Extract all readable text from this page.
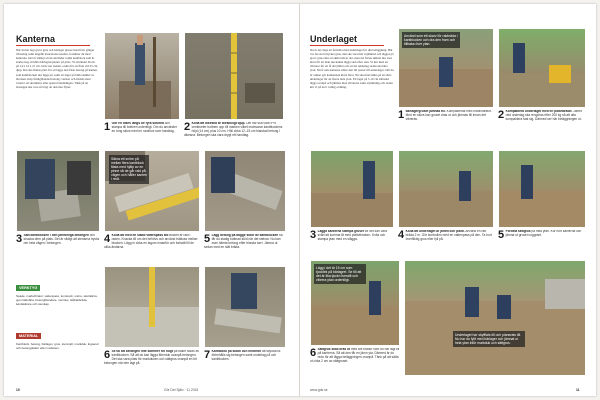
Kanterna
När du har lagt grovt grus och bärlager gruset med först gånger vibrering samt ungefär kvarstrena resultat, fortsätter du med kanterna. Det är viktigt att du använder rejäla kantblock som är starka nog att hålla bärlagret/plattor på plats. Vi använder block på 14 x 14 x 21 cm. Gräv ner stenen, ordna för att fixet vid 25 cm djup. Det ska finnas plats för att lägga ned fäste betong på kanten, som kantblocken ska ligga på, samt ett lager på bilda skiktet av blocken. Köp färdigblandad betong i säckar och blanda med vatten i en skottkärra eller spetsa blandningen. Tänk på att betongen ska vara så trögt att den inte flyter.
1 Gör en dikes längs de fyra sidorna och stampa till bottnen ordentligt. Om du använder en tung skiva med en rundbox som handtag. 2 Kolla att dikesna är tillräckligt djup. Det här ska vara 9+5 centimeter bottnen upp till marken vilket motsvarar kantblockens höjd (14 cm) plus 10 cm. Höll cirka 12–15 cm blandad betong i dikesna. Betongen ska vara drygt ett handtag.
Säkra ett snöre på mellan flera kantblock fästa med hjälp av en pinne så de går rakt på vägen och håller kanten i nivå.
3 Sätt kantblocken i den jämförliga betongen och knacka dem på plats. Det är viktigt att stenarna trycks ner hela vägen i betongen.	4 Kolla att med en sladd vattenpass att blocket är rakt i raden. Knacka till om det behövs och använd träkloss mellan blocken. Lägg in cirka en lagom innanför och fortsätt till de olika ändarna.
5 Lägg betong på bägge sidor av kantblocken så får du stadig bottnad stöd när det stelnar. Nu kan man hämta betong efter blanda torrt. Jämna ut sedan med en slät bräda.
VERKTYG
Spade, markvibrator, vattenpass, tumstock, snöre, skottkärra, gummiklubba, betongblandare, murslev, stålrakbräda, kantskärare och stenkap.
MATERIAL
Kantblock, betong, bärlager, grus, stenmjöl, markduk, fogsand och betongplattor eller marksten.
6 Se till att betongen inte kommer för högt på bakre sidan av kantblocken. Så att du kan lägga fiberduk ovanpå betongen. Det ska vara plats för markduken och sättgrus ovanpå en bit betongen när den lagt på.
7 Kantblock på sidan och innanför att skydda till förbehålls sig betongen samt underlag på och kantblocken.
10	Gör Det Själv · 11 2015
Underlaget
Nu är det dags att fortsätta med underlaget för din beläggning. Här var det stort mycket grus, den ska vara helt avjämnad och läggas på grovt grus eller ett skikt utöver det, men det första skiktet ska vara klart för att man ska kunna lägga sten efter sten. Vi kör med en vibrator för att få det jämnt och att det underlag sedan ska bära ytan. Nivå som kanterna sätter den till passar till underlaget. Om du är osäker gör kantstenen klara först. Nu ska man tänka på att sätta underlaget för att fixera hela ytan. Ett lager på 5-10 cm sättsand läggs ovanpå och jämnas med vibratorn samt avjämning och sedan kör vi på det i vanlig ordning.
Använd som ett skarv för rakbräda i kantblocken och dra den fram och tillbaka över ytan.
1 Bärlagergruset jämnas till. Kompakteras med markvibrator. Med en skiva kan gruset dras ut och jämnas till innan det vibreras.	2 Kompaktera underlaget med en platvibrator. Jämnt rakt underlag ska rengöras efter 200 kg så att alla kompaktera fast sig. Därmed ser här beläggningen ut.
3 Lägga kanterna stampa gruset för det kan vara svårt att komma åt med plattvibratorn. Kolla och stampa ytan med en slägga.	4 Kolla att underlaget är jämnt och plant. Använd en rätt bräda 2 m. Gör kontrollen med en vattenpass på den. Ta bort överflödig grus eller fyll på.	5 Fördela sättgrus på hela ytan. Kör runt kanterna och jämna ut gruset noggrant.
Lägg i det är 15 cm som tjocklek på bärlagret. Se till att det är lika tjockt överallt och vibrera ytan ordentligt.
6 Sättgrus skall dras ut med två brädor som du har lagt till på kanterna. Så att den får en jämn yta. Därmed är du redo för att lägga beläggningen ovanpå. Tänk på att sätta ut cirka 2 cm av sättgruset.
Underlaget har skyfflats till och planerats till. Nu har du fyllt med bärlager och jämnat ut hela ytan inför markduk och sättgrus.
www.gds.se	11
